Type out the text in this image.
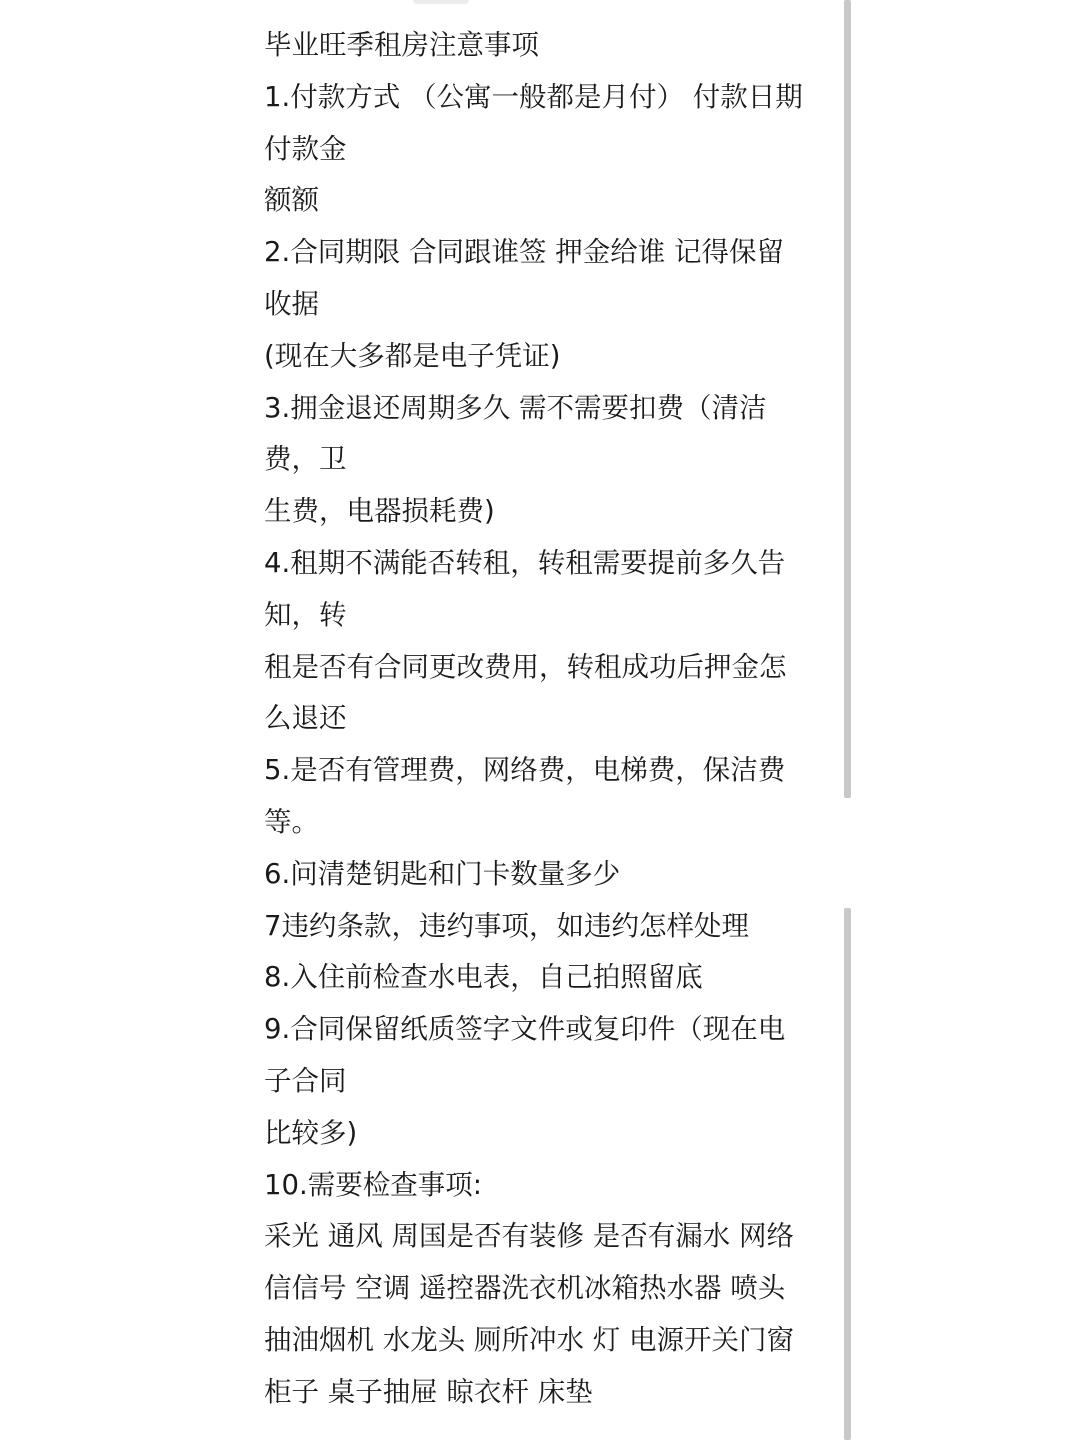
毕业旺季租房注意事项
1.付款方式 （公寓一般都是月付） 付款日期
付款金
额额
2.合同期限 合同跟谁签 押金给谁 记得保留
收据
(现在大多都是电子凭证)
3.拥金退还周期多久 需不需要扣费（清洁
费，卫
生费，电器损耗费)
4.租期不满能否转租，转租需要提前多久告
知，转
租是否有合同更改费用，转租成功后押金怎
么退还
5.是否有管理费，网络费，电梯费，保洁费
等。
6.问清楚钥匙和门卡数量多少
7违约条款，违约事项，如违约怎样处理
8.入住前检查水电表，自己拍照留底
9.合同保留纸质签字文件或复印件（现在电
子合同
比较多)
10.需要检查事项:
采光 通风 周国是否有装修 是否有漏水 网络
信信号 空调 遥控器洗衣机冰箱热水器 喷头
抽油烟机 水龙头 厕所冲水 灯 电源开关门窗
柜子 桌子抽屉 晾衣杆 床垫
